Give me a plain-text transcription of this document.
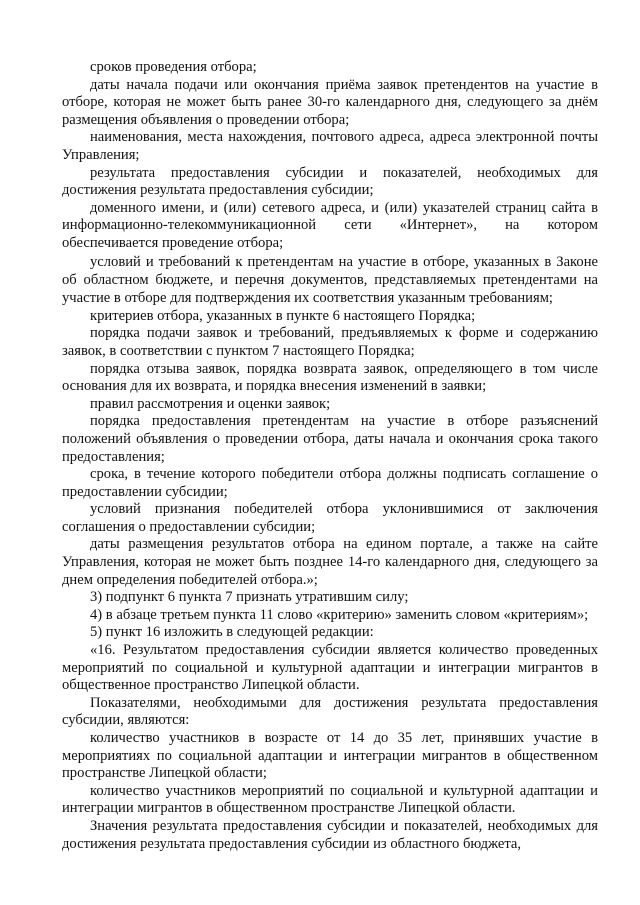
сроков проведения отбора;

даты начала подачи или окончания приёма заявок претендентов на участие в отборе, которая не может быть ранее 30-го календарного дня, следующего за днём размещения объявления о проведении отбора;

наименования, места нахождения, почтового адреса, адреса электронной почты Управления;

результата предоставления субсидии и показателей, необходимых для достижения результата предоставления субсидии;

доменного имени, и (или) сетевого адреса, и (или) указателей страниц сайта в информационно-телекоммуникационной сети «Интернет», на котором обеспечивается проведение отбора;

условий и требований к претендентам на участие в отборе, указанных в Законе об областном бюджете, и перечня документов, представляемых претендентами на участие в отборе для подтверждения их соответствия указанным требованиям;

критериев отбора, указанных в пункте 6 настоящего Порядка;

порядка подачи заявок и требований, предъявляемых к форме и содержанию заявок, в соответствии с пунктом 7 настоящего Порядка;

порядка отзыва заявок, порядка возврата заявок, определяющего в том числе основания для их возврата, и порядка внесения изменений в заявки;

правил рассмотрения и оценки заявок;

порядка предоставления претендентам на участие в отборе разъяснений положений объявления о проведении отбора, даты начала и окончания срока такого предоставления;

срока, в течение которого победители отбора должны подписать соглашение о предоставлении субсидии;

условий признания победителей отбора уклонившимися от заключения соглашения о предоставлении субсидии;

даты размещения результатов отбора на едином портале, а также на сайте Управления, которая не может быть позднее 14-го календарного дня, следующего за днем определения победителей отбора.»;

3) подпункт 6 пункта 7 признать утратившим силу;

4) в абзаце третьем пункта 11 слово «критерию» заменить словом «критериям»;

5) пункт 16 изложить в следующей редакции:

«16. Результатом предоставления субсидии является количество проведенных мероприятий по социальной и культурной адаптации и интеграции мигрантов в общественное пространство Липецкой области.

Показателями, необходимыми для достижения результата предоставления субсидии, являются:

количество участников в возрасте от 14 до 35 лет, принявших участие в мероприятиях по социальной адаптации и интеграции мигрантов в общественном пространстве Липецкой области;

количество участников мероприятий по социальной и культурной адаптации и интеграции мигрантов в общественном пространстве Липецкой области.

Значения результата предоставления субсидии и показателей, необходимых для достижения результата предоставления субсидии из областного бюджета,
